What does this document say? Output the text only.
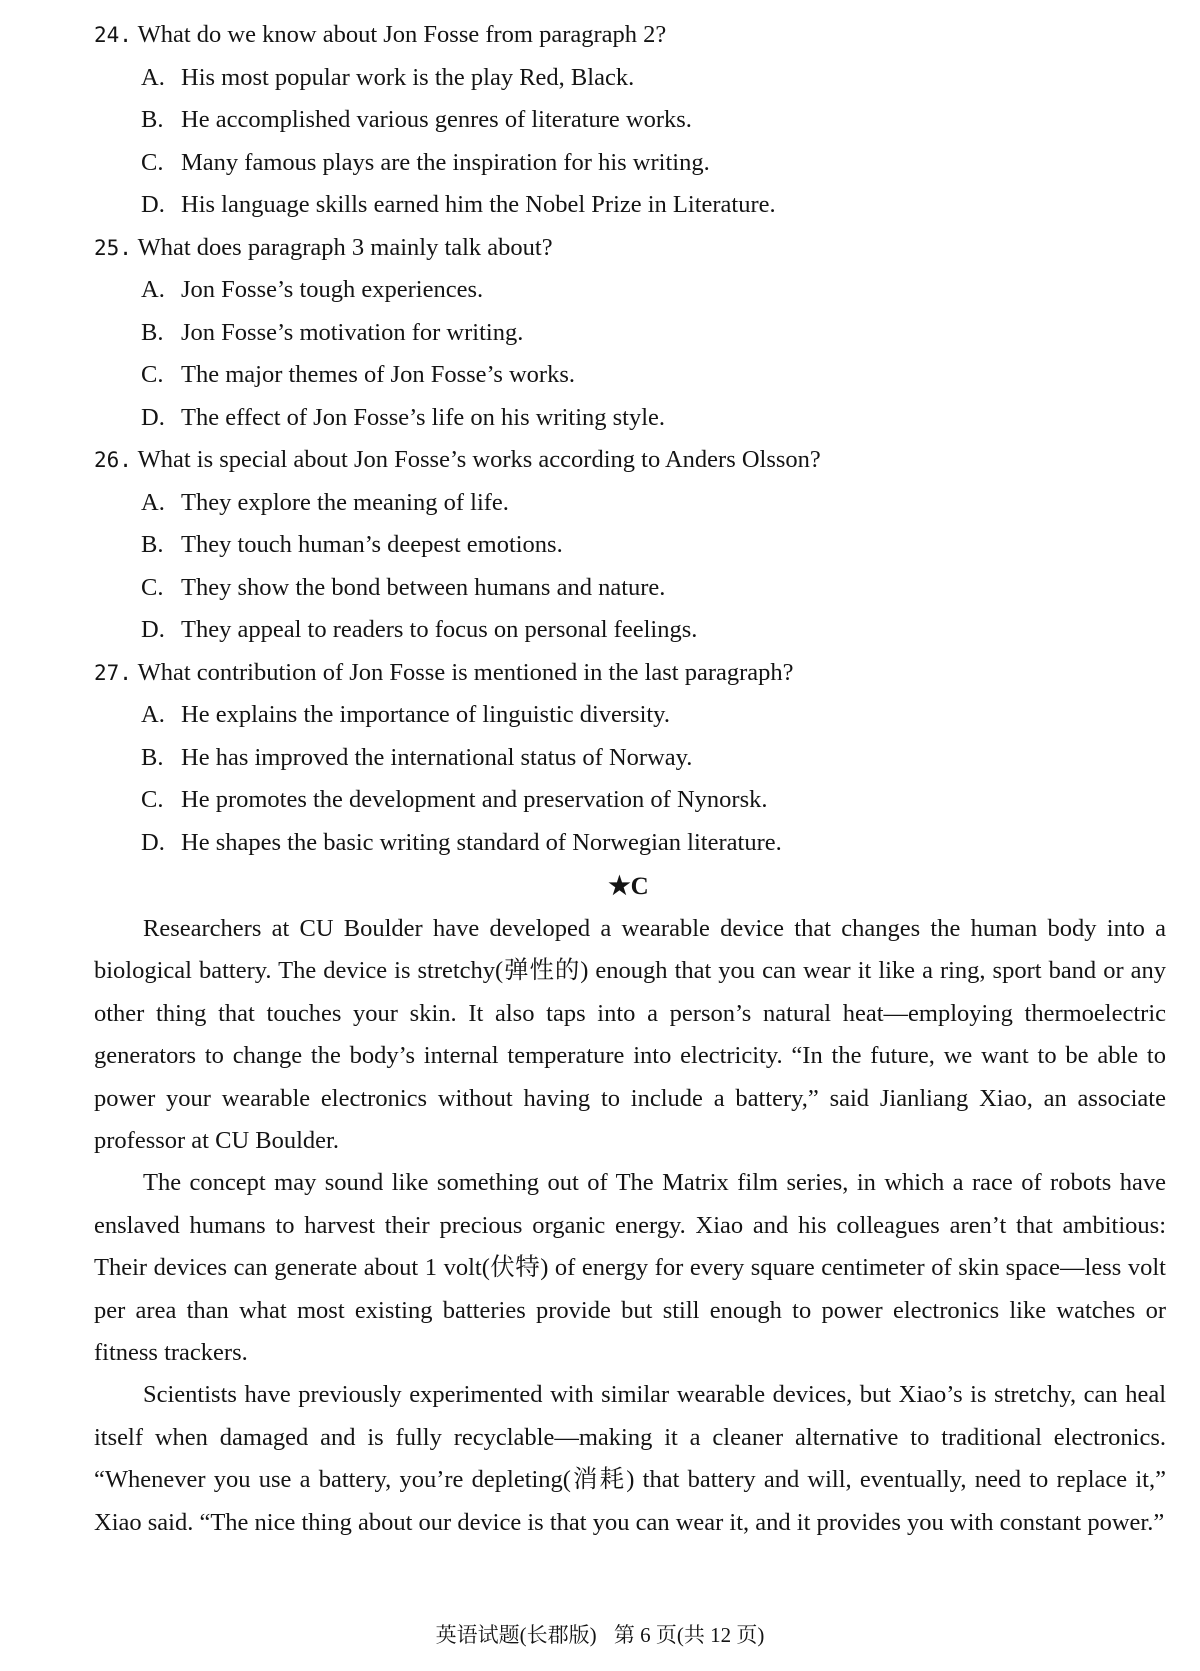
24. What do we know about Jon Fosse from paragraph 2?
A. His most popular work is the play Red, Black.
B. He accomplished various genres of literature works.
C. Many famous plays are the inspiration for his writing.
D. His language skills earned him the Nobel Prize in Literature.
25. What does paragraph 3 mainly talk about?
A. Jon Fosse’s tough experiences.
B. Jon Fosse’s motivation for writing.
C. The major themes of Jon Fosse’s works.
D. The effect of Jon Fosse’s life on his writing style.
26. What is special about Jon Fosse’s works according to Anders Olsson?
A. They explore the meaning of life.
B. They touch human’s deepest emotions.
C. They show the bond between humans and nature.
D. They appeal to readers to focus on personal feelings.
27. What contribution of Jon Fosse is mentioned in the last paragraph?
A. He explains the importance of linguistic diversity.
B. He has improved the international status of Norway.
C. He promotes the development and preservation of Nynorsk.
D. He shapes the basic writing standard of Norwegian literature.
★C

Researchers at CU Boulder have developed a wearable device that changes the human body into a biological battery. The device is stretchy(弹性的) enough that you can wear it like a ring, sport band or any other thing that touches your skin. It also taps into a person’s natural heat—employing thermoelectric generators to change the body’s internal temperature into electricity. “In the future, we want to be able to power your wearable electronics without having to include a battery,” said Jianliang Xiao, an associate professor at CU Boulder.

The concept may sound like something out of The Matrix film series, in which a race of robots have enslaved humans to harvest their precious organic energy. Xiao and his colleagues aren’t that ambitious: Their devices can generate about 1 volt(伏特) of energy for every square centimeter of skin space—less volt per area than what most existing batteries provide but still enough to power electronics like watches or fitness trackers.

Scientists have previously experimented with similar wearable devices, but Xiao’s is stretchy, can heal itself when damaged and is fully recyclable—making it a cleaner alternative to traditional electronics. “Whenever you use a battery, you’re depleting(消耗) that battery and will, eventually, need to replace it,” Xiao said. “The nice thing about our device is that you can wear it, and it provides you with constant power.”

英语试题(长郡版) 第 6 页(共 12 页)
